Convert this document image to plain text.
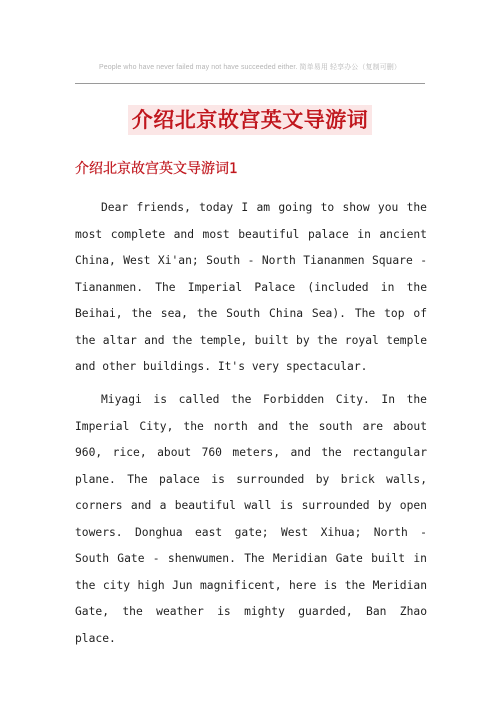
People who have never failed may not have succeeded either. 简单易用 轻享办公（复制可删）
介绍北京故宫英文导游词
介绍北京故宫英文导游词1

Dear friends, today I am going to show you the most complete and most beautiful palace in ancient China, West Xi'an; South - North Tiananmen Square - Tiananmen. The Imperial Palace (included in the Beihai, the sea, the South China Sea). The top of the altar and the temple, built by the royal temple and other buildings. It's very spectacular.

Miyagi is called the Forbidden City. In the Imperial City, the north and the south are about 960, rice, about 760 meters, and the rectangular plane. The palace is surrounded by brick walls, corners and a beautiful wall is surrounded by open towers. Donghua east gate; West Xihua; North - South Gate - shenwumen. The Meridian Gate built in the city high Jun magnificent, here is the Meridian Gate, the weather is mighty guarded, Ban Zhao place.
